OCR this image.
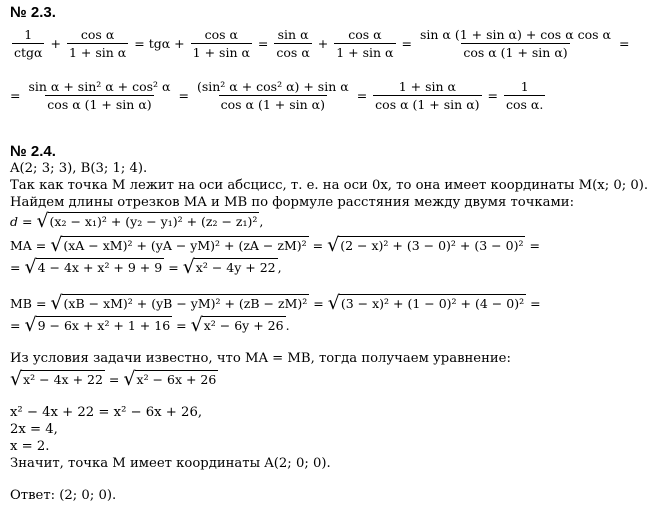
№ 2.3.
1
ctgα
+ $\frac{\text{cos α}}{\text{1 + sin α}} = tg\alpha + \frac{\text{cos α}}{\text{1 + sin α}} = \frac{\text{sin α}}{\text{cos α}} + \frac{\text{cos α}}{\text{1 + sin α}} = \frac{\text{sin α (1 + sin α) + cos α cos α}}{\text{cos α (1 + sin α)}}$ =
= $\frac{\text{sin α + sin² α + cos² α}}{\text{cos α (1 + sin α)}} = \frac{\text{(sin² α + cos² α) + sin α}}{\text{cos α (1 + sin α)}} = \frac{\text{1 + sin α}}{\text{cos α (1 + sin α)}} = \frac{1}{\text{cos α.}}$
№ 2.4.
A(2; 3; 3), B(3; 1; 4).
Так как точка M лежит на оси абсцисс, т. е. на оси 0x, то она имеет координаты M(x; 0; 0).
Найдем длины отрезков MA и MB по формуле расстяния между двумя точками:
d =
√ (x₂ − x₁)² + (y₂ − y₁)² + (z₂ − z₁)² ,
MA =
√ (xA − xM)² + (yA − yM)² + (zA − zM)² = √ (2 − x)² + (3 − 0)² + (3 − 0)² =
= √ 4 − 4x + x² + 9 + 9 = √ x² − 4y + 22 ,
MB =
√ (xB − xM)² + (yB − yM)² + (zB − zM)² = √ (3 − x)² + (1 − 0)² + (4 − 0)² =
= √ 9 − 6x + x² + 1 + 16 = √ x² − 6y + 26 .
Из условия задачи известно, что MA = MB, тогда получаем уравнение:
√ x² − 4x + 22 = √ x² − 6x + 26
x² − 4x + 22 = x² − 6x + 26,
2x = 4,
x = 2.
Значит, точка M имеет координаты A(2; 0; 0).
Ответ: (2; 0; 0).
